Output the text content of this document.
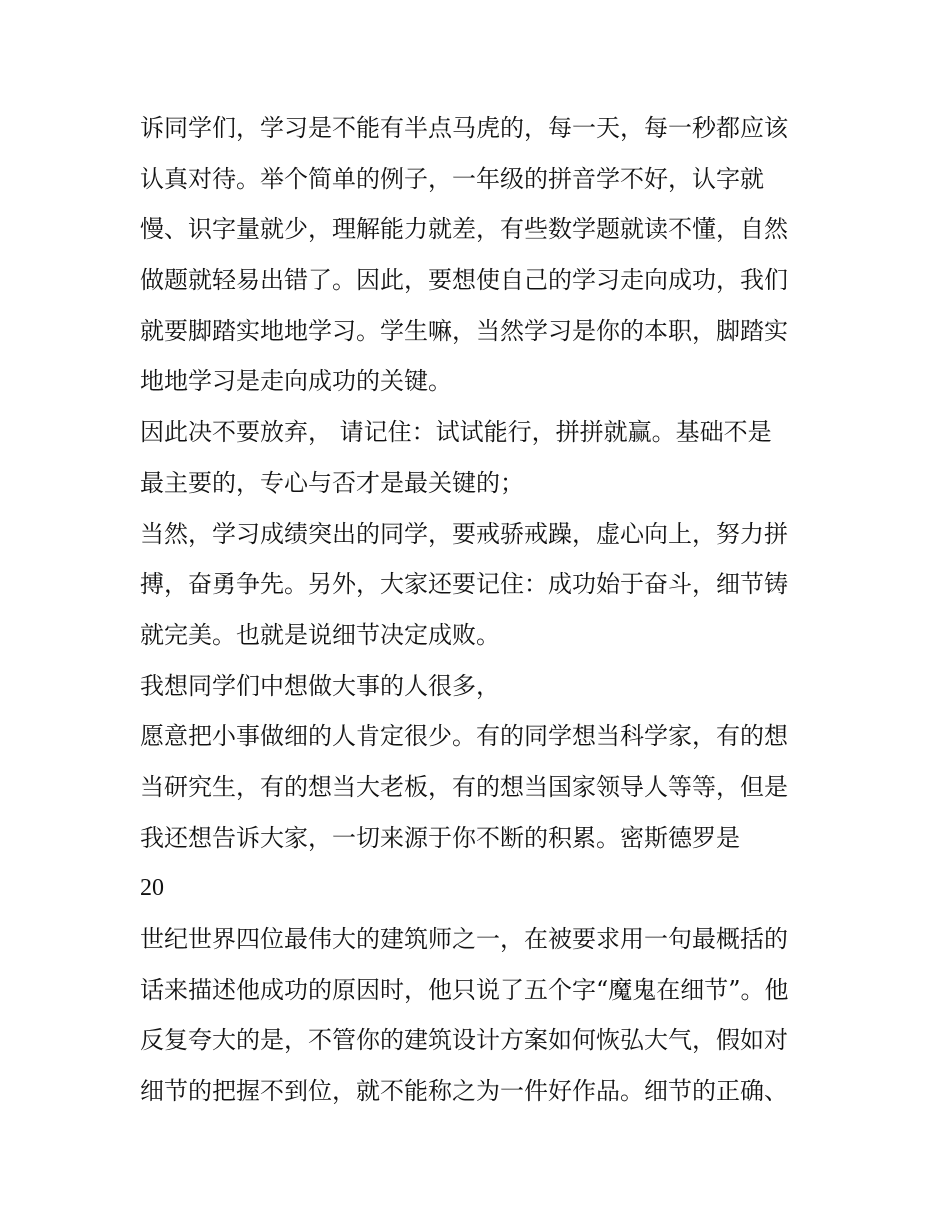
诉同学们，学习是不能有半点马虎的，每一天，每一秒都应该
认真对待。举个简单的例子，一年级的拼音学不好，认字就
慢、识字量就少，理解能力就差，有些数学题就读不懂，自然
做题就轻易出错了。因此，要想使自己的学习走向成功，我们
就要脚踏实地地学习。学生嘛，当然学习是你的本职，脚踏实
地地学习是走向成功的关键。
因此决不要放弃， 请记住：试试能行，拼拼就赢。基础不是
最主要的，专心与否才是最关键的；
当然，学习成绩突出的同学，要戒骄戒躁，虚心向上，努力拼
搏，奋勇争先。另外，大家还要记住：成功始于奋斗，细节铸
就完美。也就是说细节决定成败。
我想同学们中想做大事的人很多，
愿意把小事做细的人肯定很少。有的同学想当科学家，有的想
当研究生，有的想当大老板，有的想当国家领导人等等，但是
我还想告诉大家，一切来源于你不断的积累。密斯德罗是
20
世纪世界四位最伟大的建筑师之一，在被要求用一句最概括的
话来描述他成功的原因时，他只说了五个字“魔鬼在细节”。他
反复夸大的是，不管你的建筑设计方案如何恢弘大气，假如对
细节的把握不到位，就不能称之为一件好作品。细节的正确、
